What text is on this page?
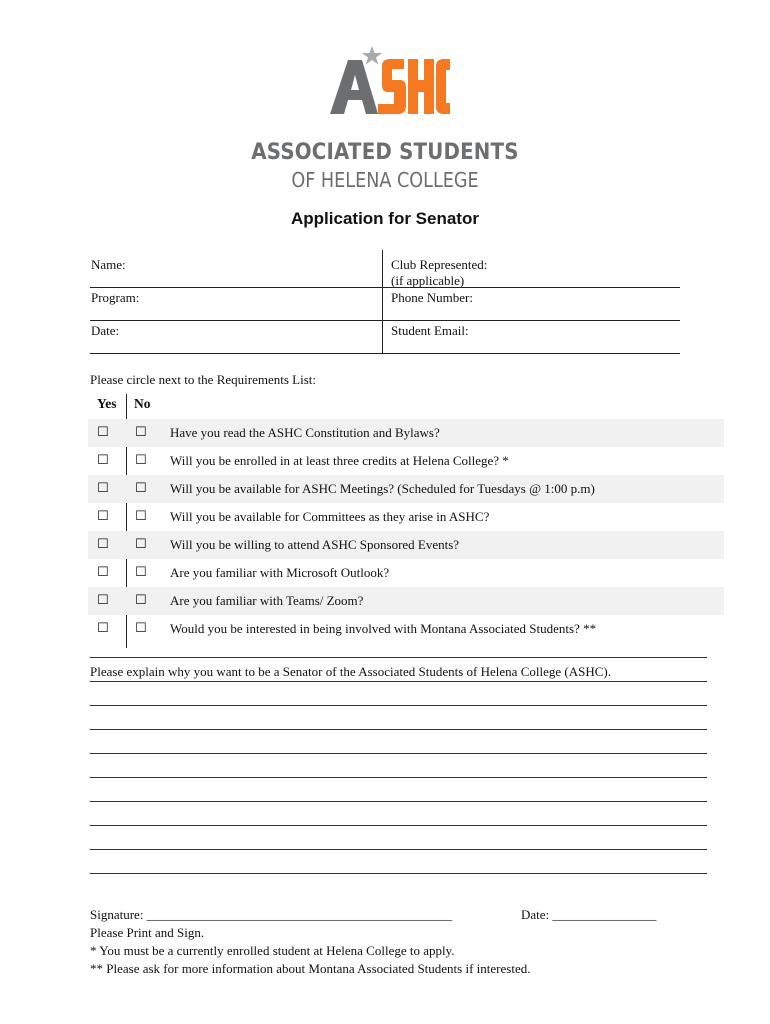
ASSOCIATED STUDENTS
OF HELENA COLLEGE
Application for Senator
Name:	Club Represented:
(if applicable)
Program:	Phone Number:
Date:	Student Email:
Please circle next to the Requirements List:
Yes No
☐ ☐ Have you read the ASHC Constitution and Bylaws?
☐ ☐ Will you be enrolled in at least three credits at Helena College? *
☐ ☐ Will you be available for ASHC Meetings? (Scheduled for Tuesdays @ 1:00 p.m)
☐ ☐ Will you be available for Committees as they arise in ASHC?
☐ ☐ Will you be willing to attend ASHC Sponsored Events?
☐ ☐ Are you familiar with Microsoft Outlook?
☐ ☐ Are you familiar with Teams/ Zoom?
☐ ☐ Would you be interested in being involved with Montana Associated Students? **
Please explain why you want to be a Senator of the Associated Students of Helena College (ASHC).
Signature: _______________________________________________	Date: ________________
Please Print and Sign.
* You must be a currently enrolled student at Helena College to apply.
** Please ask for more information about Montana Associated Students if interested.
